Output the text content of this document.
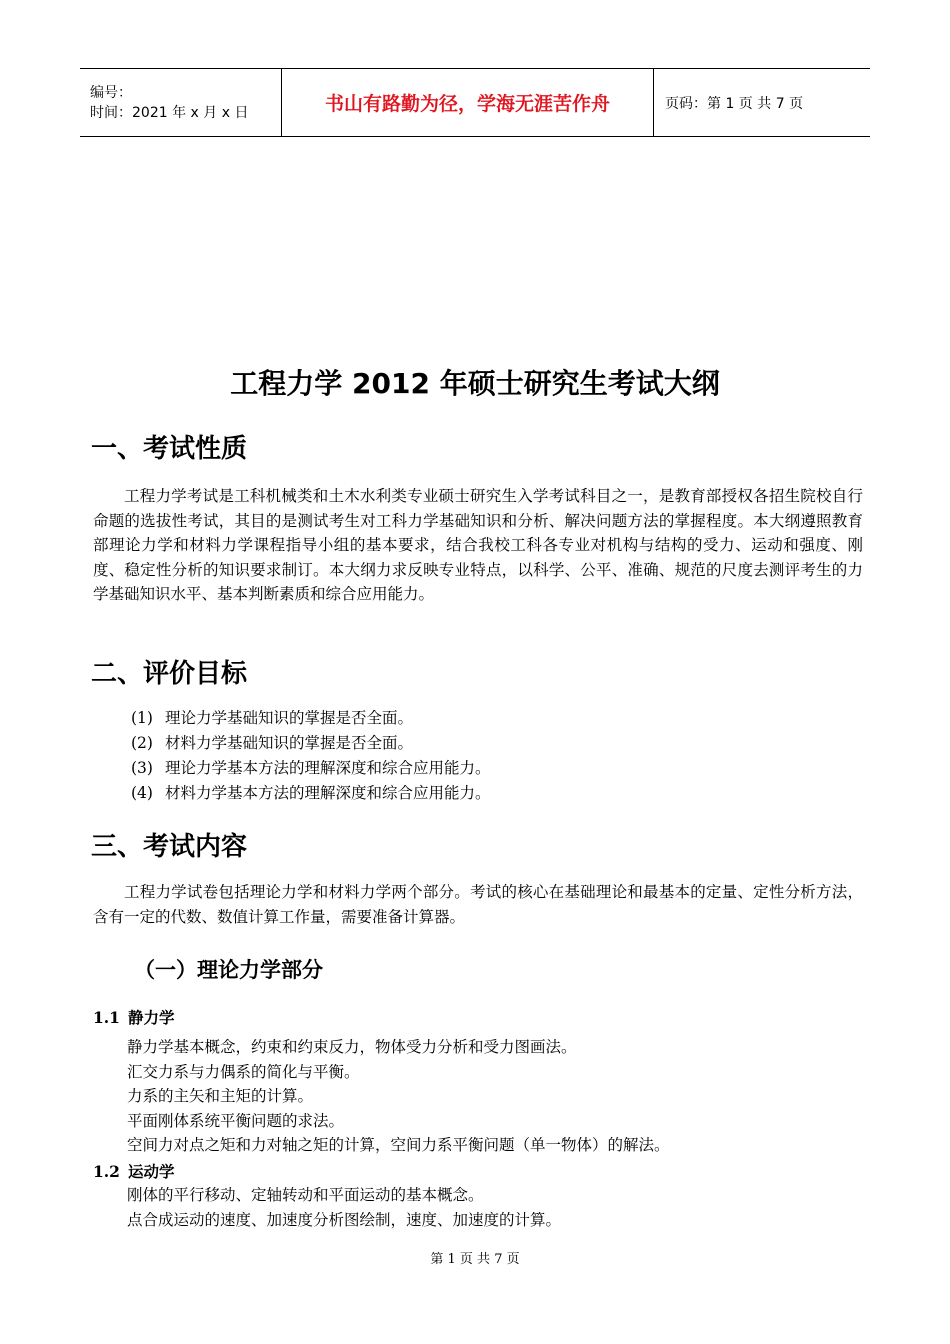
编号：
时间：2021 年 x 月 x 日	书山有路勤为径，学海无涯苦作舟	页码：第 1 页 共 7 页
工程力学 2012 年硕士研究生考试大纲
一、考试性质
工程力学考试是工科机械类和土木水利类专业硕士研究生入学考试科目之一，是教育部授权各招生院校自行命题的选拔性考试，其目的是测试考生对工科力学基础知识和分析、解决问题方法的掌握程度。本大纲遵照教育部理论力学和材料力学课程指导小组的基本要求，结合我校工科各专业对机构与结构的受力、运动和强度、刚度、稳定性分析的知识要求制订。本大纲力求反映专业特点，以科学、公平、准确、规范的尺度去测评考生的力学基础知识水平、基本判断素质和综合应用能力。
二、评价目标
(1) 理论力学基础知识的掌握是否全面。
(2) 材料力学基础知识的掌握是否全面。
(3) 理论力学基本方法的理解深度和综合应用能力。
(4) 材料力学基本方法的理解深度和综合应用能力。
三、考试内容
工程力学试卷包括理论力学和材料力学两个部分。考试的核心在基础理论和最基本的定量、定性分析方法，含有一定的代数、数值计算工作量，需要准备计算器。
（一）理论力学部分
1.1 静力学
静力学基本概念，约束和约束反力，物体受力分析和受力图画法。
汇交力系与力偶系的简化与平衡。
力系的主矢和主矩的计算。
平面刚体系统平衡问题的求法。
空间力对点之矩和力对轴之矩的计算，空间力系平衡问题（单一物体）的解法。
1.2 运动学
刚体的平行移动、定轴转动和平面运动的基本概念。
点合成运动的速度、加速度分析图绘制，速度、加速度的计算。
第 1 页 共 7 页
